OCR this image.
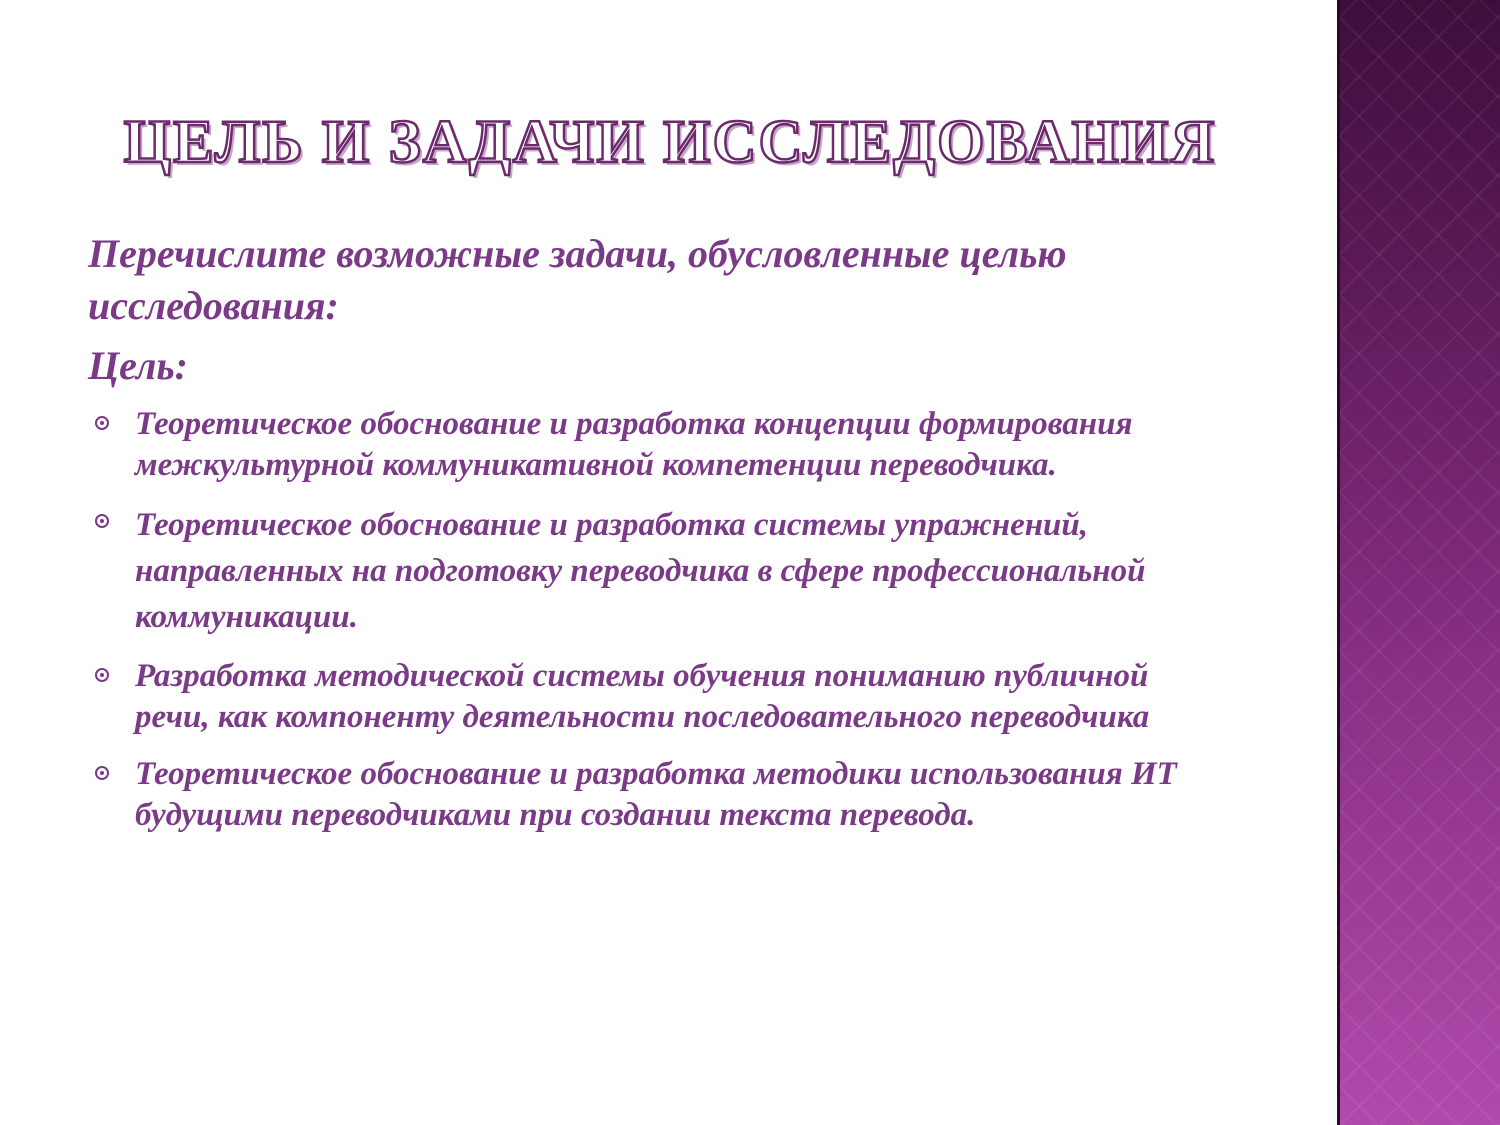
ЦЕЛЬ И ЗАДАЧИ ИССЛЕДОВАНИЯ

Перечислите возможные задачи, обусловленные целью исследования:

Цель:

Теоретическое обоснование и разработка концепции формирования межкультурной коммуникативной компетенции переводчика.
Теоретическое обоснование и разработка системы упражнений, направленных на подготовку переводчика в сфере профессиональной коммуникации.
Разработка методической системы обучения пониманию публичной речи, как компоненту деятельности последовательного переводчика
Теоретическое обоснование и разработка методики использования ИТ будущими переводчиками при создании текста перевода.
